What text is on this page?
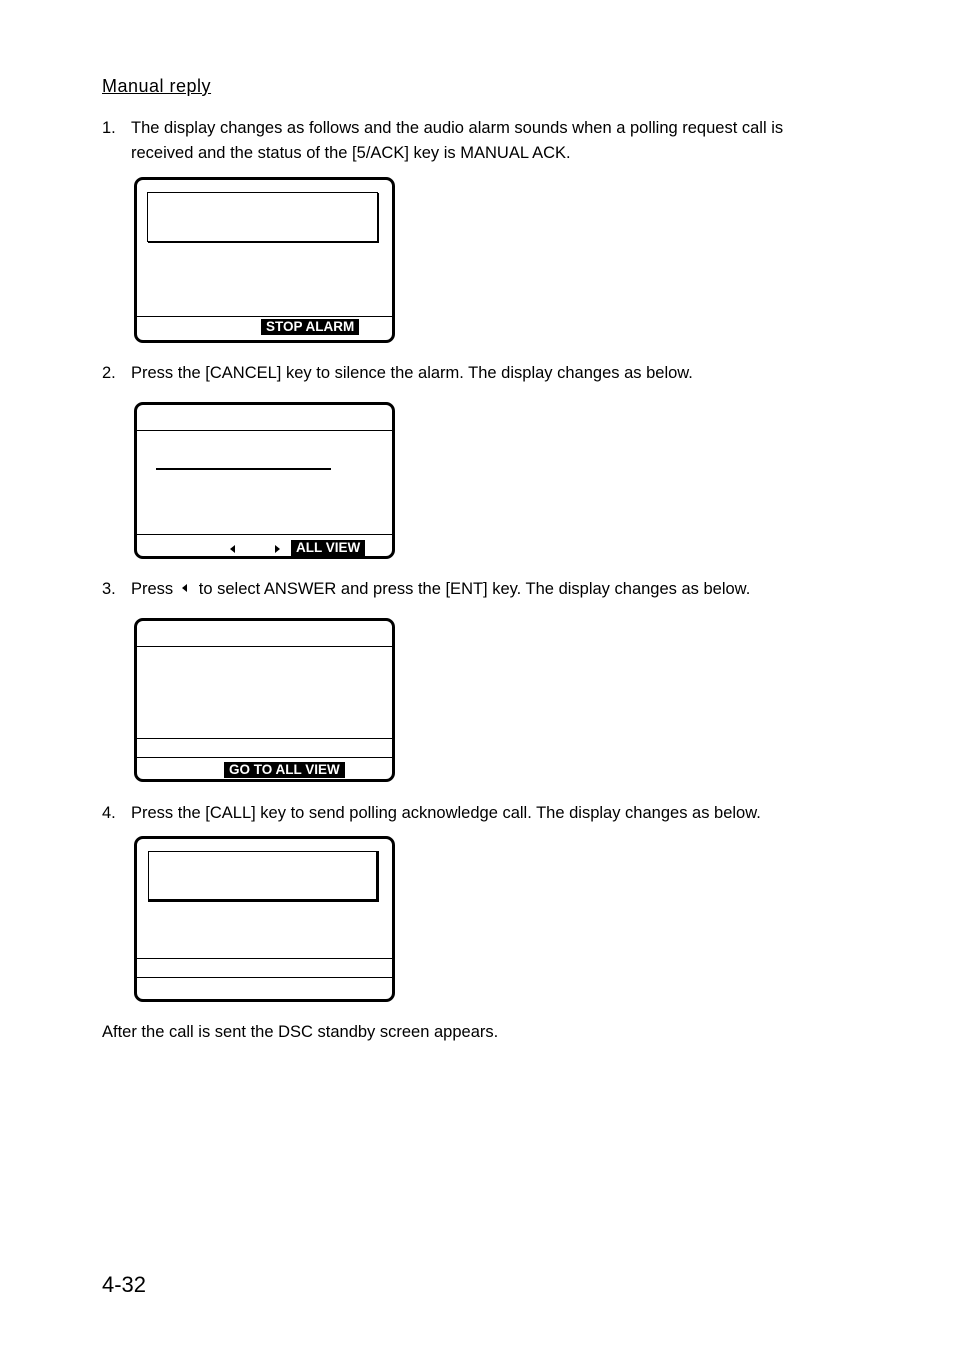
Manual reply
1. The display changes as follows and the audio alarm sounds when a polling request call is received and the status of the [5/ACK] key is MANUAL ACK.
STOP ALARM
2. Press the [CANCEL] key to silence the alarm. The display changes as below.
ALL VIEW
3. Press to select ANSWER and press the [ENT] key. The display changes as below.
GO TO ALL VIEW
4. Press the [CALL] key to send polling acknowledge call. The display changes as below.
After the call is sent the DSC standby screen appears.
4-32
